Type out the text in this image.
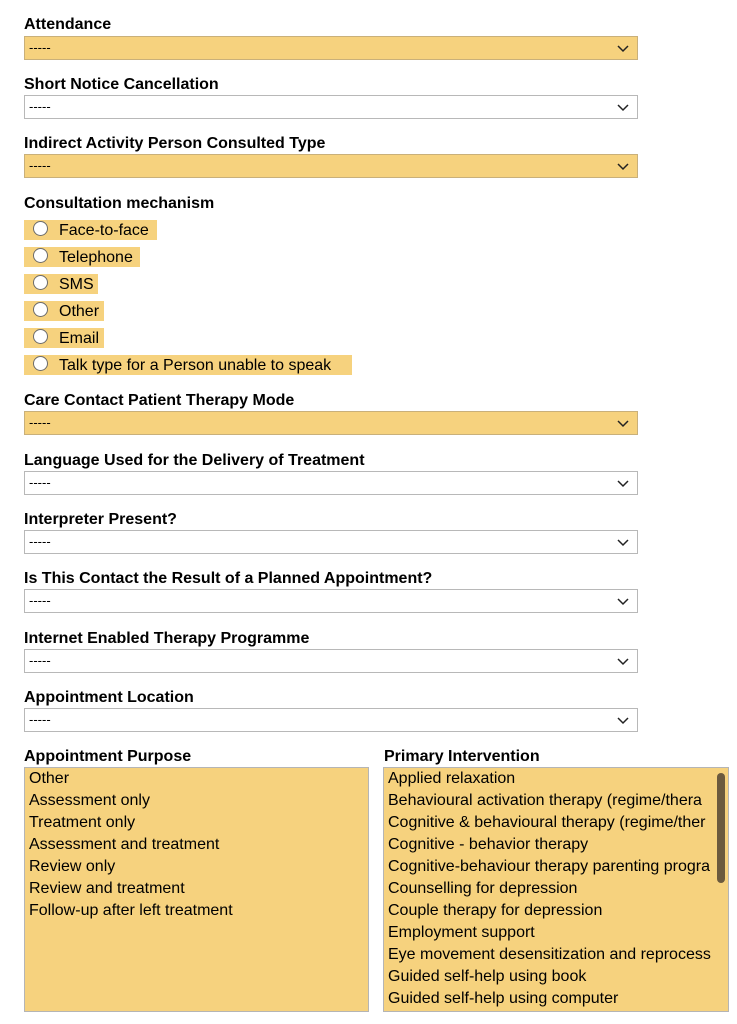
Attendance
-----
Short Notice Cancellation
-----
Indirect Activity Person Consulted Type
-----
Consultation mechanism
Face-to-face
Telephone
SMS
Other
Email
Talk type for a Person unable to speak
Care Contact Patient Therapy Mode
-----
Language Used for the Delivery of Treatment
-----
Interpreter Present?
-----
Is This Contact the Result of a Planned Appointment?
-----
Internet Enabled Therapy Programme
-----
Appointment Location
-----
Appointment Purpose
Other
Assessment only
Treatment only
Assessment and treatment
Review only
Review and treatment
Follow-up after left treatment
Primary Intervention
Applied relaxation
Behavioural activation therapy (regime/thera
Cognitive & behavioural therapy (regime/ther
Cognitive - behavior therapy
Cognitive-behaviour therapy parenting progra
Counselling for depression
Couple therapy for depression
Employment support
Eye movement desensitization and reprocess
Guided self-help using book
Guided self-help using computer
